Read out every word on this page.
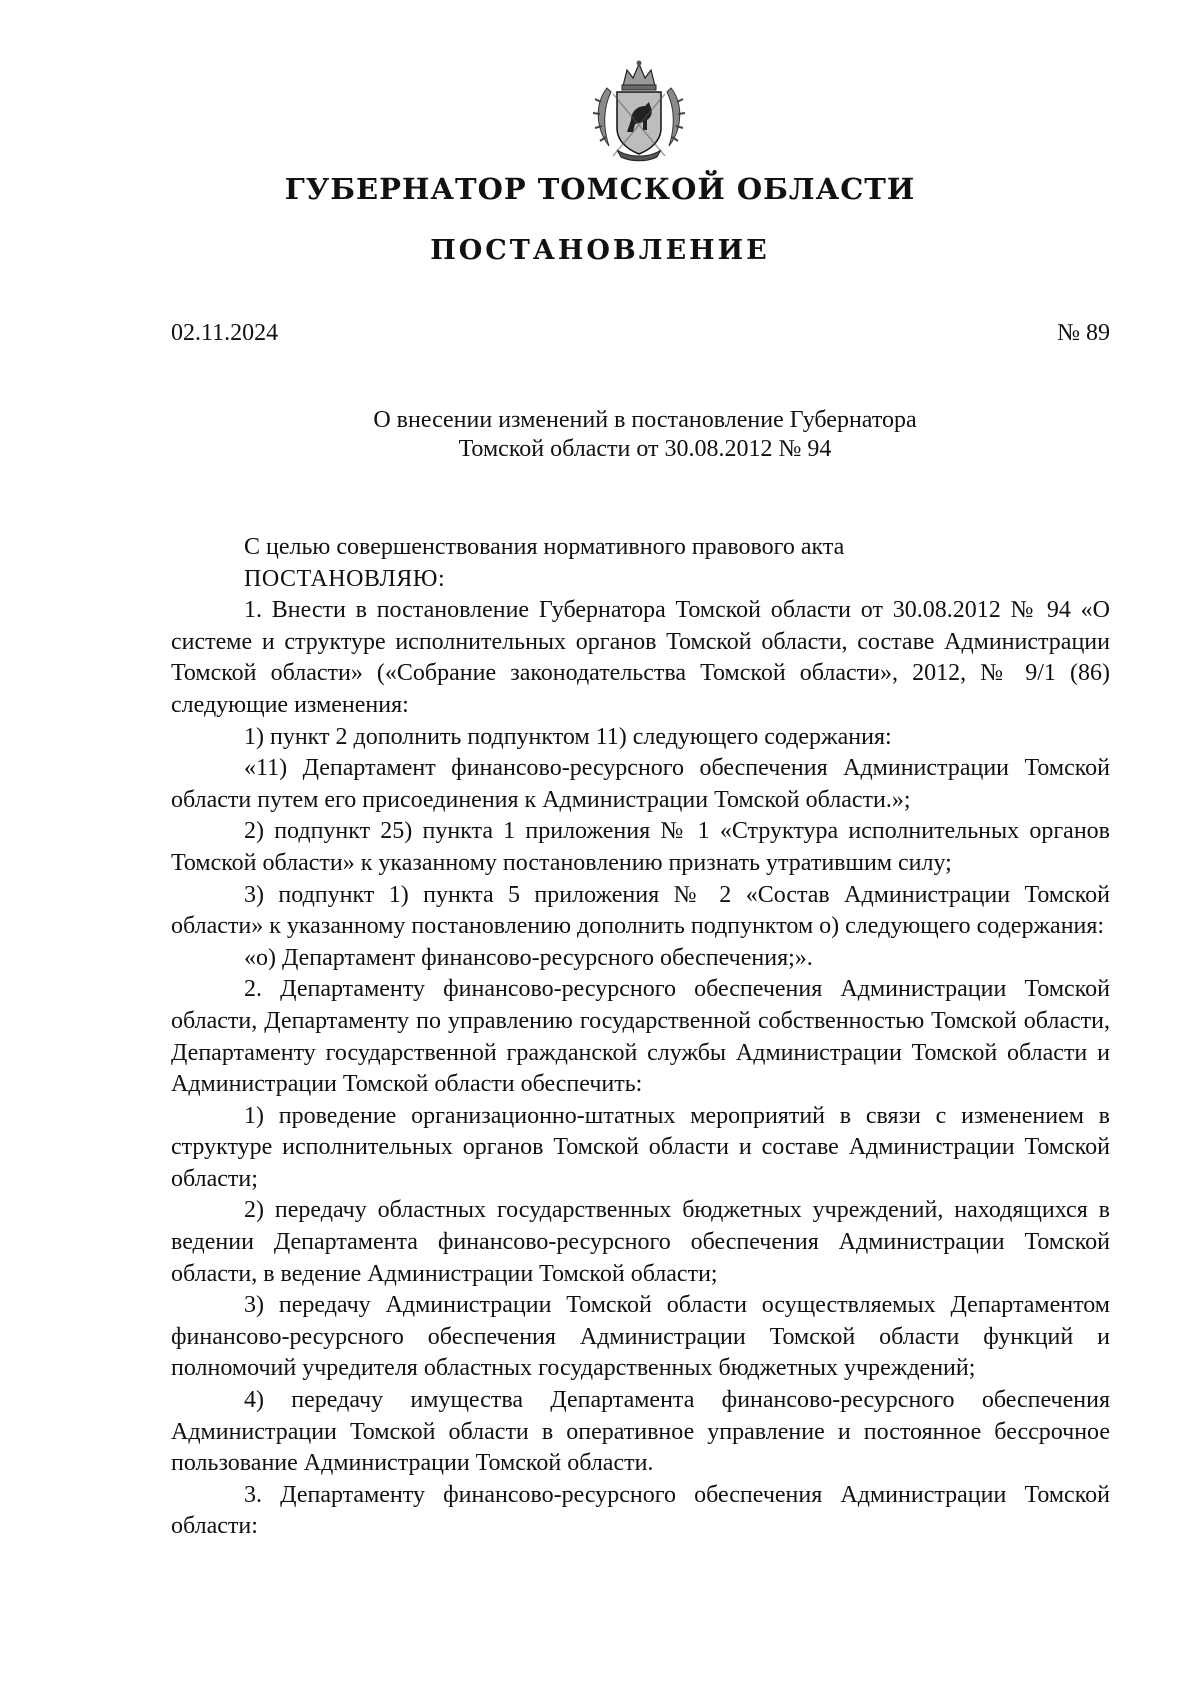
ГУБЕРНАТОР ТОМСКОЙ ОБЛАСТИ
ПОСТАНОВЛЕНИЕ
02.11.2024	№ 89
О внесении изменений в постановление Губернатора
Томской области от 30.08.2012 № 94

С целью совершенствования нормативного правового акта

ПОСТАНОВЛЯЮ:

1. Внести в постановление Губернатора Томской области от 30.08.2012 № 94 «О системе и структуре исполнительных органов Томской области, составе Администрации Томской области» («Собрание законодательства Томской области», 2012, № 9/1 (86) следующие изменения:

1) пункт 2 дополнить подпунктом 11) следующего содержания:

«11) Департамент финансово-ресурсного обеспечения Администрации Томской области путем его присоединения к Администрации Томской области.»;

2) подпункт 25) пункта 1 приложения № 1 «Структура исполнительных органов Томской области» к указанному постановлению признать утратившим силу;

3) подпункт 1) пункта 5 приложения № 2 «Состав Администрации Томской области» к указанному постановлению дополнить подпунктом о) следующего содержания:

«о) Департамент финансово-ресурсного обеспечения;».

2. Департаменту финансово-ресурсного обеспечения Администрации Томской области, Департаменту по управлению государственной собственностью Томской области, Департаменту государственной гражданской службы Администрации Томской области и Администрации Томской области обеспечить:

1) проведение организационно-штатных мероприятий в связи с изменением в структуре исполнительных органов Томской области и составе Администрации Томской области;

2) передачу областных государственных бюджетных учреждений, находящихся в ведении Департамента финансово-ресурсного обеспечения Администрации Томской области, в ведение Администрации Томской области;

3) передачу Администрации Томской области осуществляемых Департаментом финансово-ресурсного обеспечения Администрации Томской области функций и полномочий учредителя областных государственных бюджетных учреждений;

4) передачу имущества Департамента финансово-ресурсного обеспечения Администрации Томской области в оперативное управление и постоянное бессрочное пользование Администрации Томской области.

3. Департаменту финансово-ресурсного обеспечения Администрации Томской области:
